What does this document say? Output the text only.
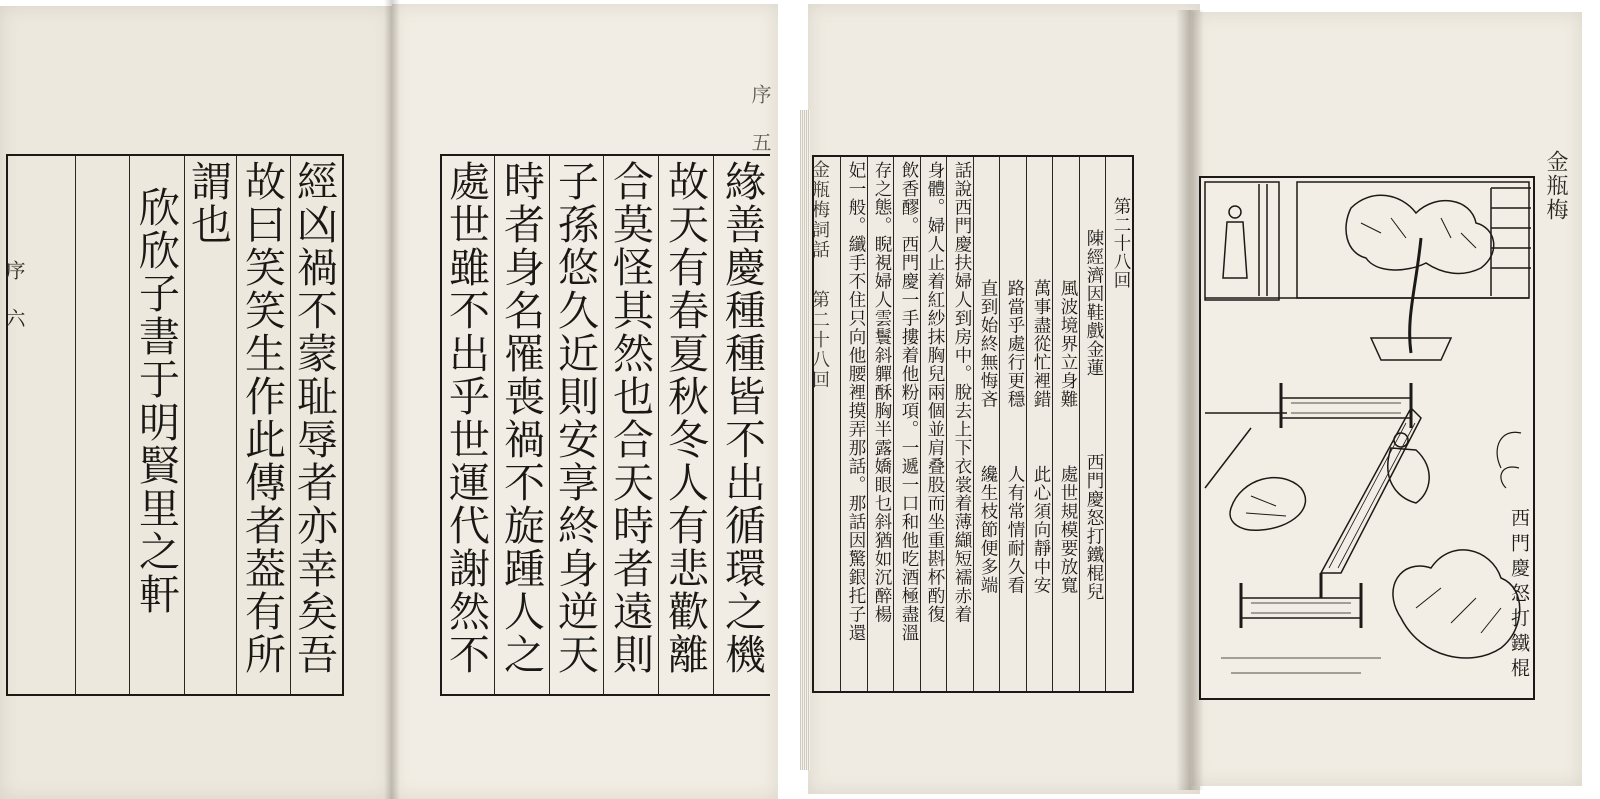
經凶禍不蒙耻辱者亦幸矣吾
故曰笑笑生作此傳者葢有所
謂也
欣欣子書于明賢里之軒
序 六	緣善慶種種皆不出循環之機
故天有春夏秋冬人有悲歡離
合莫怪其然也合天時者遠則
子孫悠久近則安享終身逆天
時者身名罹喪禍不旋踵人之
處世雖不出乎世運代謝然不
序 五
金瓶梅詞話
第二十八回
第二十八回
陳經濟因鞋戲金蓮
西門慶怒打鐵棍兒
風波境界立身難
萬事盡從忙裡錯
路當乎處行更穩
直到始終無悔吝
處世規模要放寬
此心須向靜中安
人有常情耐久看
纔生枝節便多端
話說西門慶扶婦人到房中。脫去上下衣裳着薄纈短襦赤着
身體。婦人止着紅紗抹胸兒兩個並肩叠股而坐重斟杯酌復
飲香醪。西門慶一手摟着他粉項。一遞一口和他吃酒極盡溫
存之態。睨視婦人雲鬟斜軃酥胸半露嬌眼乜斜猶如沉醉楊
妃一般。纖手不住只向他腰裡摸弄那話。那話因驚銀托子還	金瓶梅
西門慶怒打鐵棍
